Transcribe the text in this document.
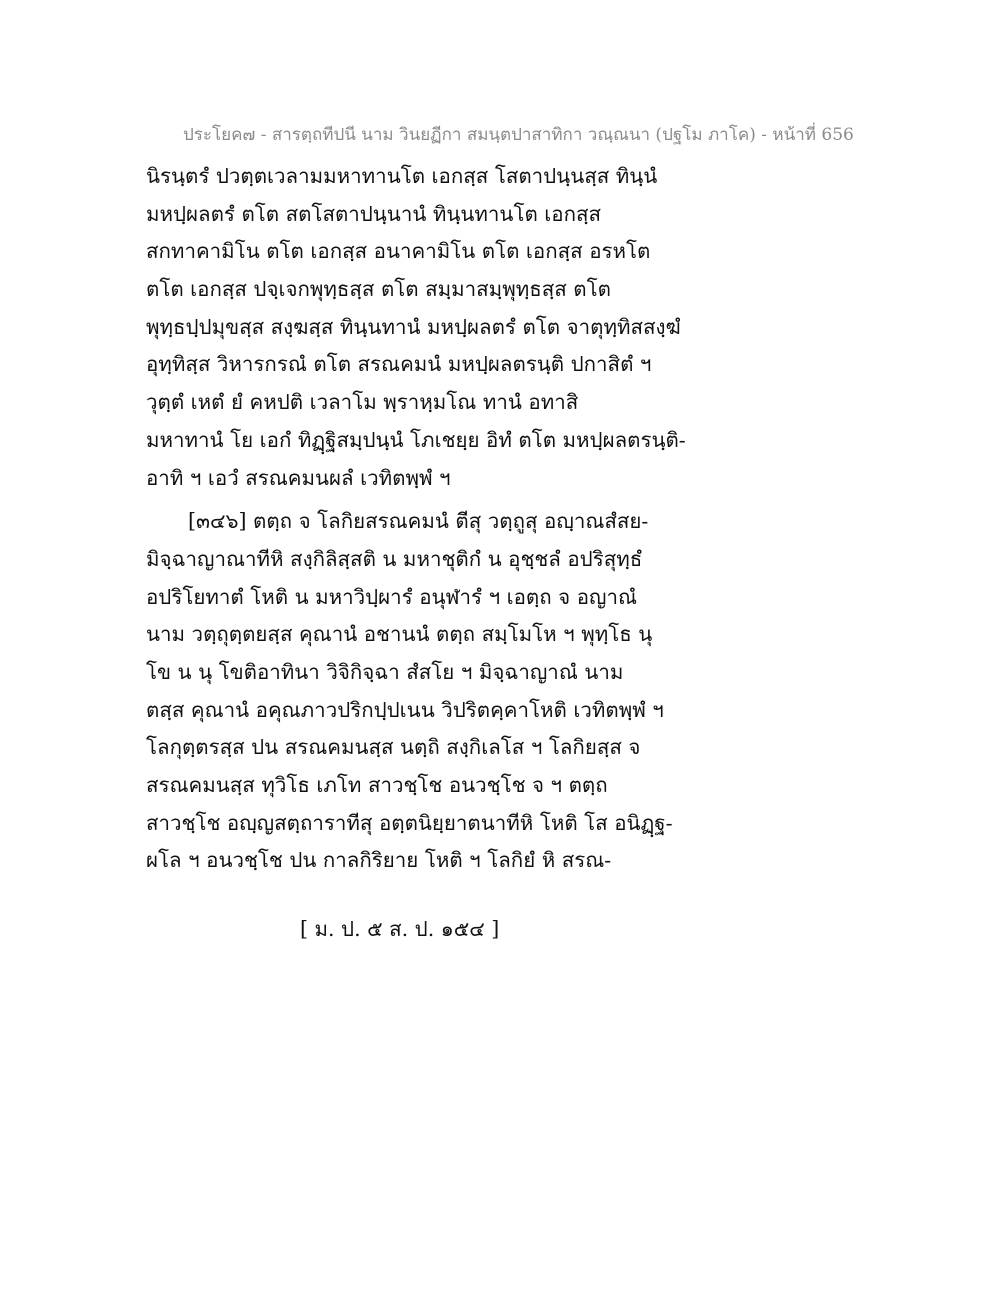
ประโยค๗ - สารตฺถทีปนี นาม วินยฏีกา สมนฺตปาสาทิกา วณฺณนา (ปฐโม ภาโค) - หน้าที่ 656
นิรนฺตรํ ปวตฺตเวลามมหาทานโต เอกสฺส โสตาปนฺนสฺส ทินฺนํ
มหปฺผลตรํ ตโต สตโสตาปนฺนานํ ทินฺนทานโต เอกสฺส
สกทาคามิโน ตโต เอกสฺส อนาคามิโน ตโต เอกสฺส อรหโต
ตโต เอกสฺส ปจฺเจกพุทฺธสฺส ตโต สมฺมาสมฺพุทฺธสฺส ตโต
พุทฺธปฺปมุขสฺส สงฺฆสฺส ทินฺนทานํ มหปฺผลตรํ ตโต จาตุทฺทิสสงฺฆํ
อุทฺทิสฺส วิหารกรณํ ตโต สรณคมนํ มหปฺผลตรนฺติ ปกาสิตํ ฯ
วุตฺตํ เหตํ ยํ คหปติ เวลาโม พฺราหฺมโณ ทานํ อทาสิ
มหาทานํ โย เอกํ ทิฏฺฐิสมฺปนฺนํ โภเชยฺย อิทํ ตโต มหปฺผลตรนฺติ-
อาทิ ฯ เอวํ สรณคมนผลํ เวทิตพฺพํ ฯ
[๓๔๖] ตตฺถ จ โลกิยสรณคมนํ ตีสุ วตฺถูสุ อญฺาณสํสย-
มิจฺฉาญาณาทีหิ สงฺกิลิสฺสติ น มหาชุติกํ น อุชฺชลํ อปริสุทฺธํ
อปริโยทาตํ โหติ น มหาวิปฺผารํ อนุฬารํ ฯ เอตฺถ จ อญาณํ
นาม วตฺถุตฺตยสฺส คุณานํ อชานนํ ตตฺถ สมฺโมโห ฯ พุทฺโธ นุ
โข น นุ โขติอาทินา วิจิกิจฺฉา สํสโย ฯ มิจฺฉาญาณํ นาม
ตสฺส คุณานํ อคุณภาวปริกปฺปเนน วิปริตคฺคาโหติ เวทิตพฺพํ ฯ
โลกุตฺตรสฺส ปน สรณคมนสฺส นตฺถิ สงฺกิเลโส ฯ โลกิยสฺส จ
สรณคมนสฺส ทุวิโธ เภโท สาวชฺโช อนวชฺโช จ ฯ ตตฺถ
สาวชฺโช อญฺญสตฺถาราทีสุ อตฺตนิยฺยาตนาทีหิ โหติ โส อนิฏฺฐ-
ผโล ฯ อนวชฺโช ปน กาลกิริยาย โหติ ฯ โลกิยํ หิ สรณ-
[ ม. ป. ๕ ส. ป. ๑๕๔ ]
